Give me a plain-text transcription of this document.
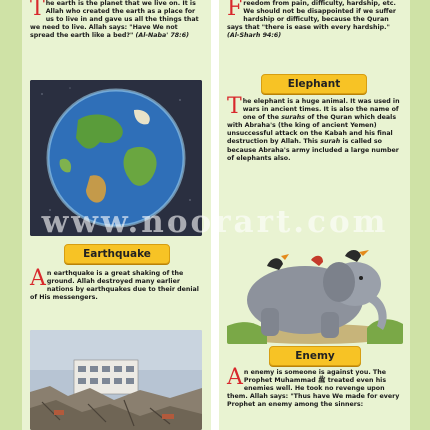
The earth is the planet that we live on. It is Allah who created the earth as a place for us to live in and gave us all the things that we need to live. Allah says: "Have We not spread the earth like a bed?" (Al-Naba' 78:6)

Earthquake

An earthquake is a great shaking of the ground. Allah destroyed many earlier nations by earthquakes due to their denial of His messengers.

Freedom from pain, difficulty, hardship, etc. We should not be disappointed if we suffer hardship or difficulty, because the Quran says that "there is ease with every hardship." (Al-Sharh 94:6)

Elephant

The elephant is a huge animal. It was used in wars in ancient times. It is also the name of one of the surahs of the Quran which deals with Abraha's (the king of ancient Yemen) unsuccessful attack on the Kabah and his final destruction by Allah. This surah is called so because Abraha's army included a large number of elephants also.

Enemy

An enemy is someone is against you. The Prophet Muhammad ﷺ treated even his enemies well. He took no revenge upon them. Allah says: "Thus have We made for every Prophet an enemy among the sinners:

www.noorart.com
